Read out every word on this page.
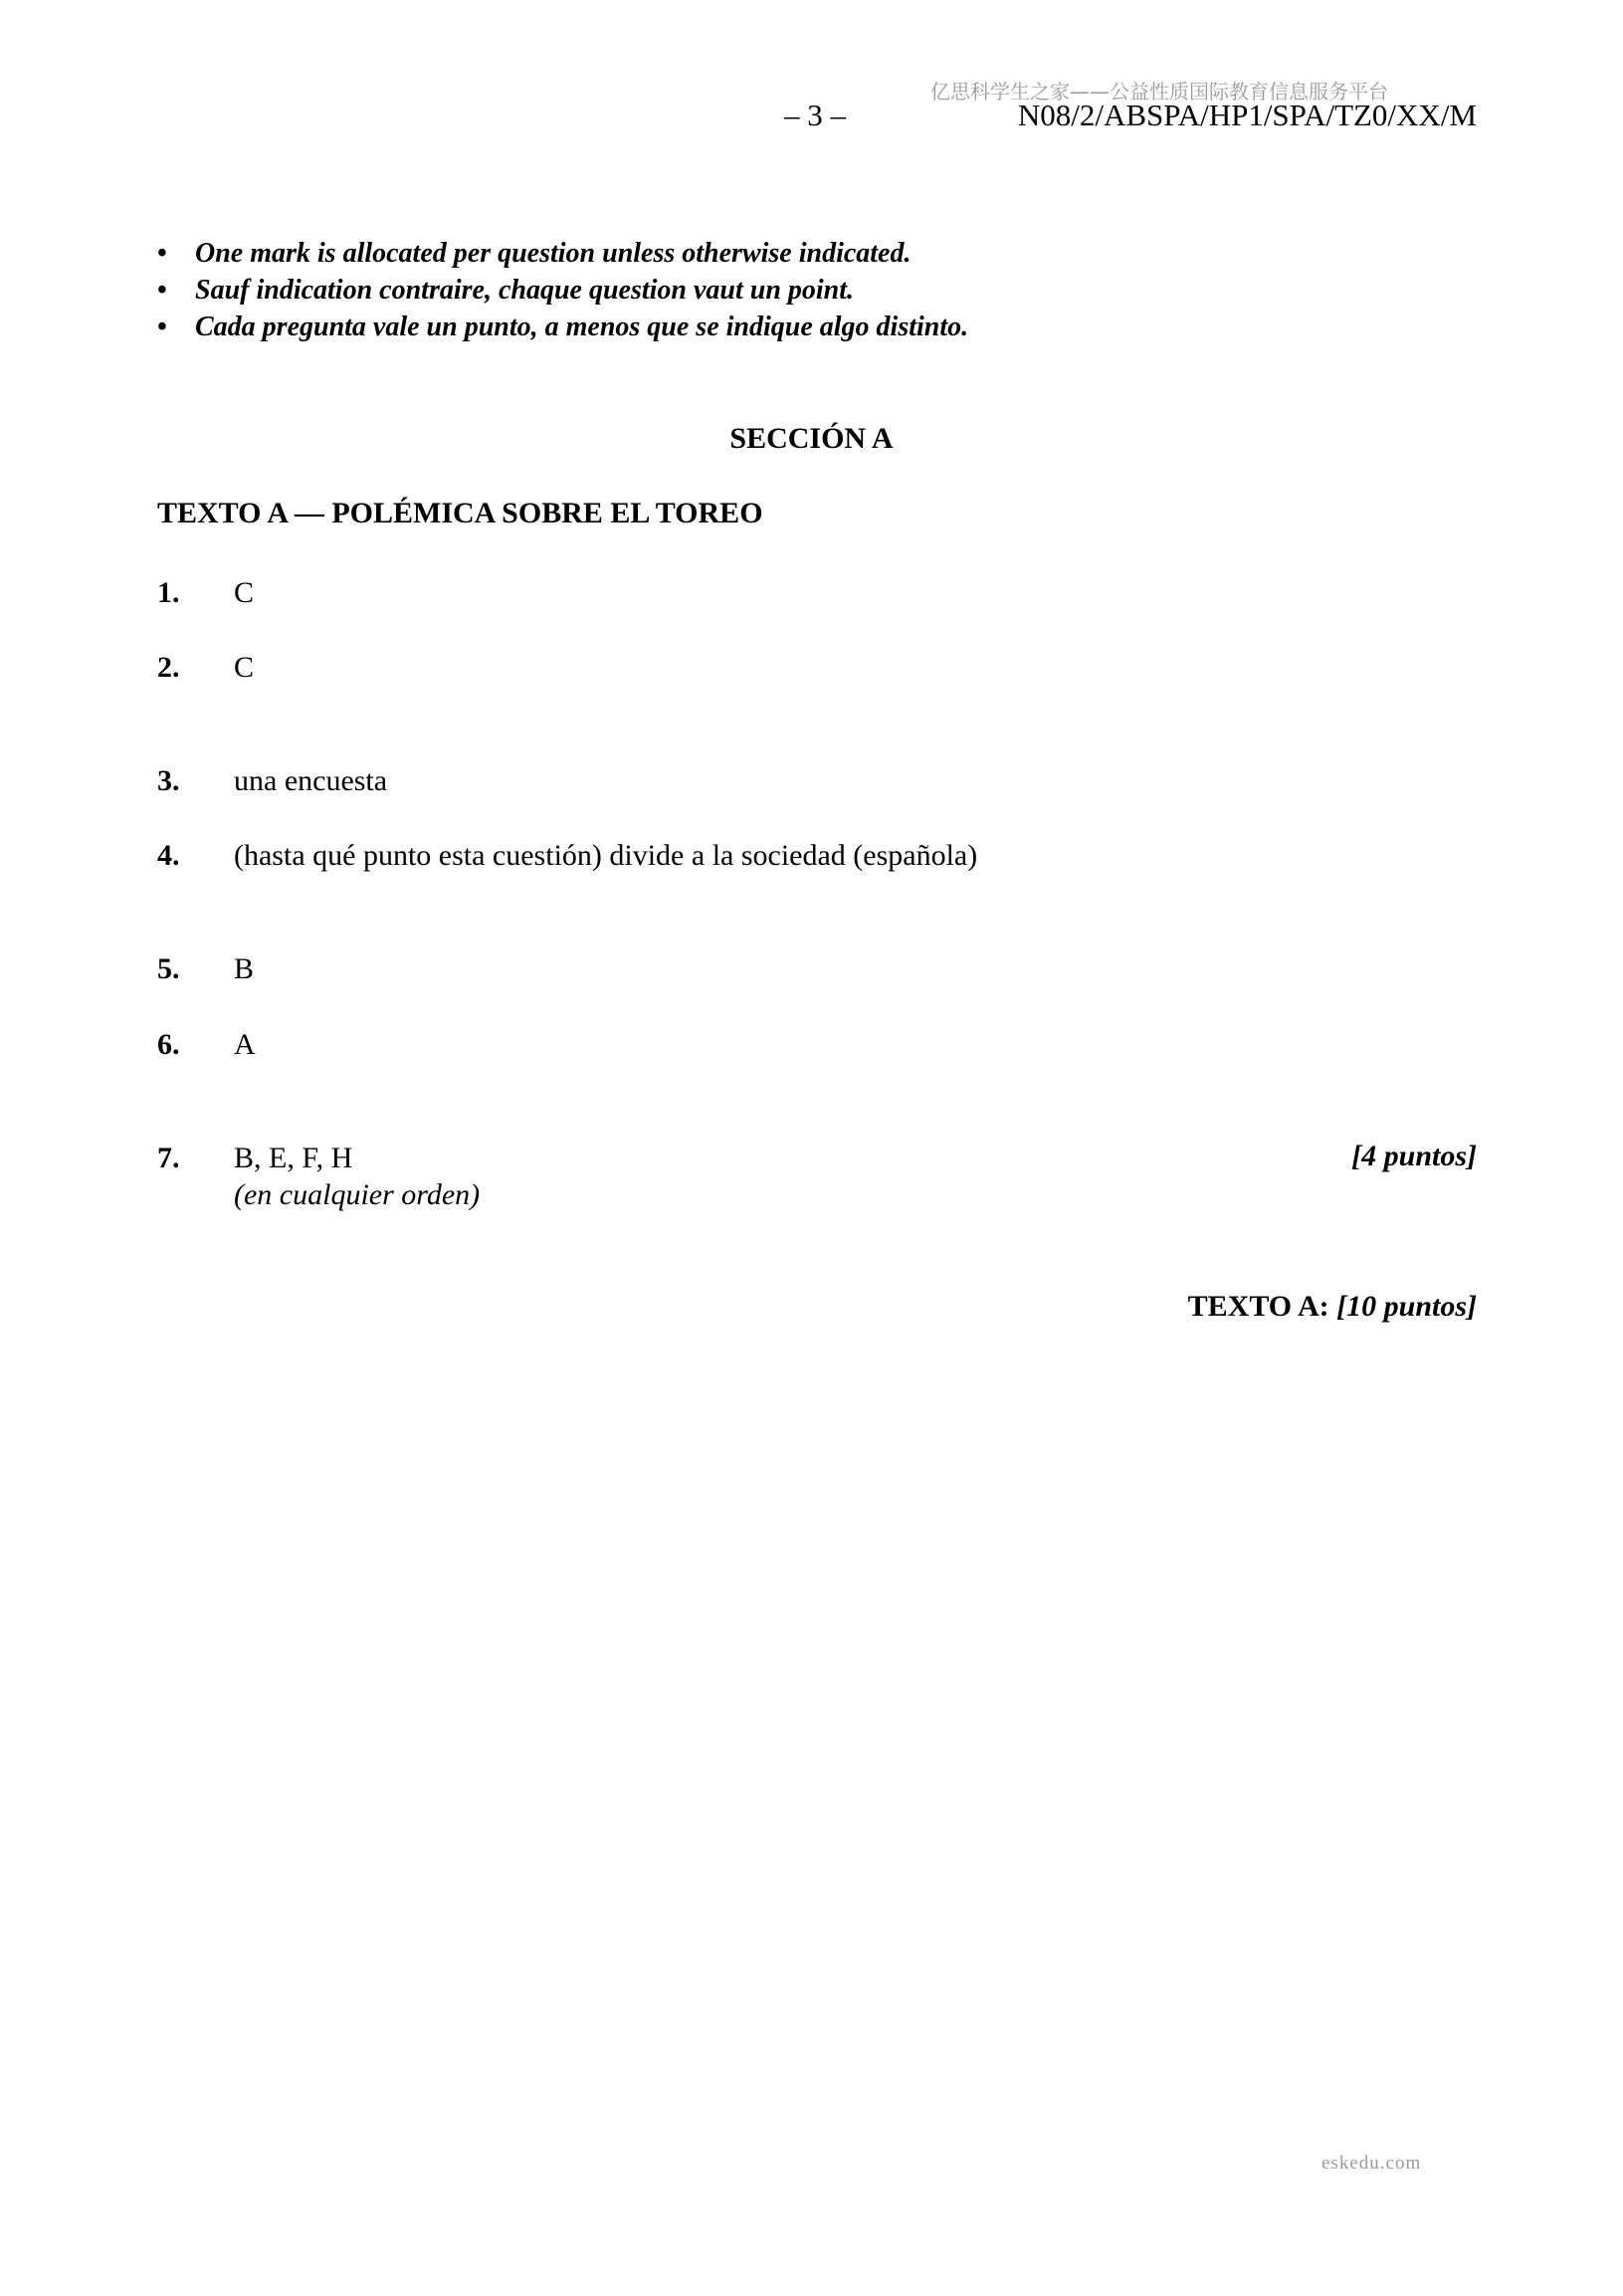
亿思科学生之家——公益性质国际教育信息服务平台
– 3 –	N08/2/ABSPA/HP1/SPA/TZ0/XX/M
• One mark is allocated per question unless otherwise indicated.
• Sauf indication contraire, chaque question vaut un point.
• Cada pregunta vale un punto, a menos que se indique algo distinto.
SECCIÓN A
TEXTO A — POLÉMICA SOBRE EL TOREO
1. C
2. C
3. una encuesta
4. (hasta qué punto esta cuestión) divide a la sociedad (española)
5. B
6. A
7. B, E, F, H
(en cualquier orden)
[4 puntos]
TEXTO A: [10 puntos]
eskedu.com
